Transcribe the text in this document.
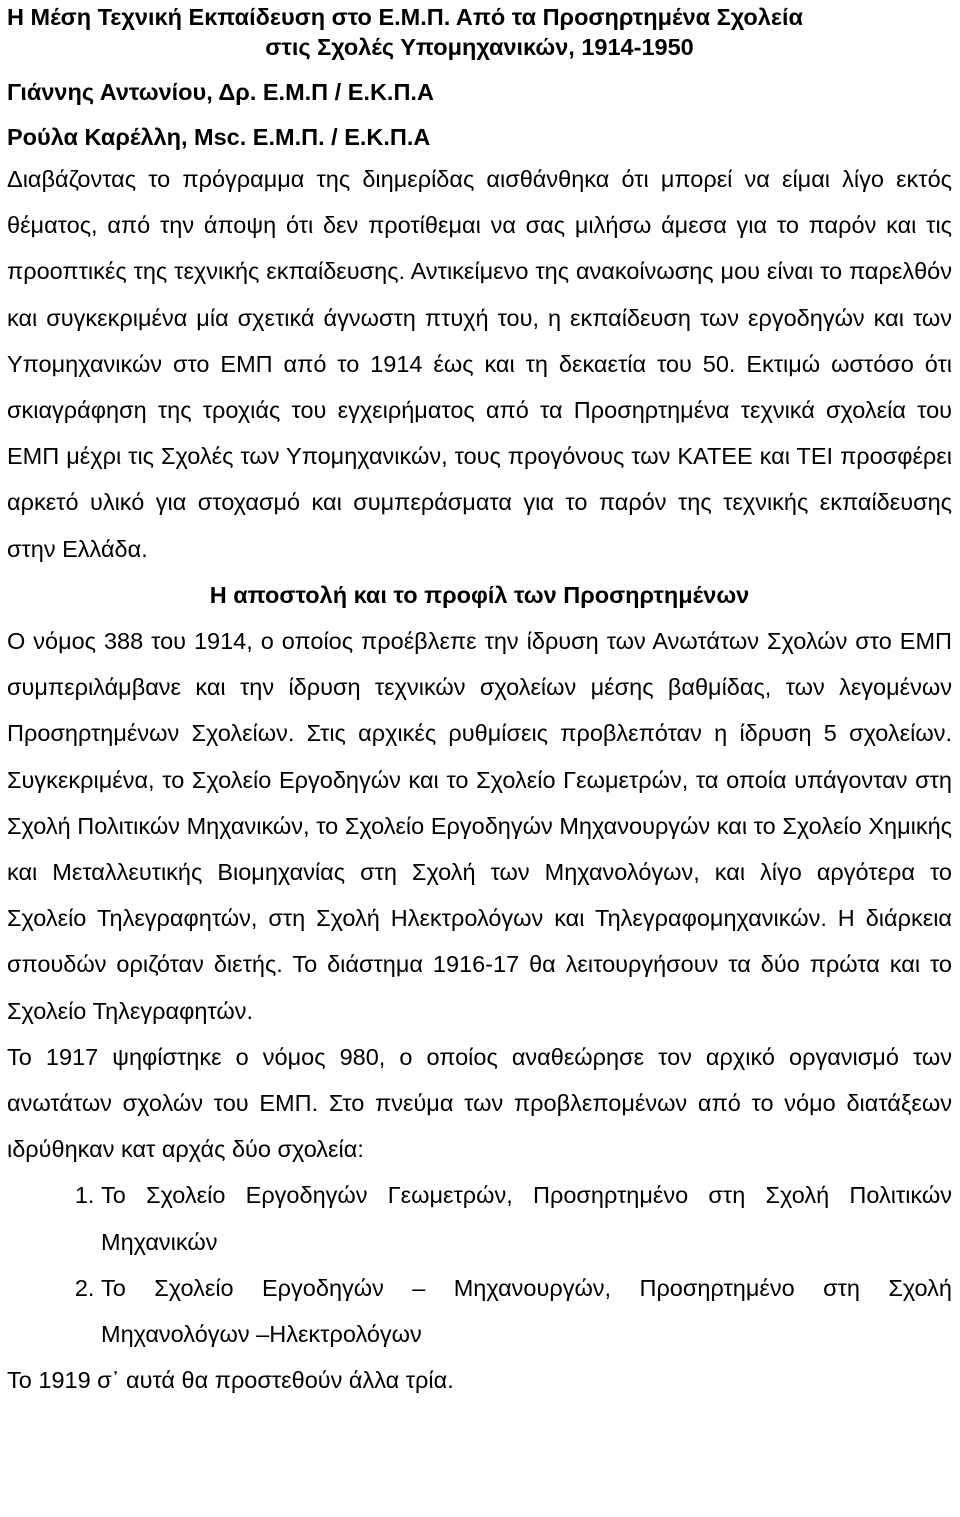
Η Μέση Τεχνική Εκπαίδευση στο Ε.Μ.Π. Από τα Προσηρτημένα Σχολεία
στις Σχολές Υπομηχανικών, 1914-1950
Γιάννης Αντωνίου, Δρ. Ε.Μ.Π / Ε.Κ.Π.Α
Ρούλα Καρέλλη, Msc. Ε.Μ.Π. / Ε.Κ.Π.Α

Διαβάζοντας το πρόγραμμα της διημερίδας αισθάνθηκα ότι μπορεί να είμαι λίγο εκτός θέματος, από την άποψη ότι δεν προτίθεμαι να σας μιλήσω άμεσα για το παρόν και τις προοπτικές της τεχνικής εκπαίδευσης. Αντικείμενο της ανακοίνωσης μου είναι το παρελθόν και συγκεκριμένα μία σχετικά άγνωστη πτυχή του, η εκπαίδευση των εργοδηγών και των Υπομηχανικών στο ΕΜΠ από το 1914 έως και τη δεκαετία του 50. Εκτιμώ ωστόσο ότι σκιαγράφηση της τροχιάς του εγχειρήματος από τα Προσηρτημένα τεχνικά σχολεία του ΕΜΠ μέχρι τις Σχολές των Υπομηχανικών, τους προγόνους των ΚΑΤΕΕ και ΤΕΙ προσφέρει αρκετό υλικό για στοχασμό και συμπεράσματα για το παρόν της τεχνικής εκπαίδευσης στην Ελλάδα.

Η αποστολή και το προφίλ των Προσηρτημένων

Ο νόμος 388 του 1914, ο οποίος προέβλεπε την ίδρυση των Ανωτάτων Σχολών στο ΕΜΠ συμπεριλάμβανε και την ίδρυση τεχνικών σχολείων μέσης βαθμίδας, των λεγομένων Προσηρτημένων Σχολείων. Στις αρχικές ρυθμίσεις προβλεπόταν η ίδρυση 5 σχολείων. Συγκεκριμένα, το Σχολείο Εργοδηγών και το Σχολείο Γεωμετρών, τα οποία υπάγονταν στη Σχολή Πολιτικών Μηχανικών, το Σχολείο Εργοδηγών Μηχανουργών και το Σχολείο Χημικής και Μεταλλευτικής Βιομηχανίας στη Σχολή των Μηχανολόγων, και λίγο αργότερα το Σχολείο Τηλεγραφητών, στη Σχολή Ηλεκτρολόγων και Τηλεγραφομηχανικών. Η διάρκεια σπουδών οριζόταν διετής. Το διάστημα 1916-17 θα λειτουργήσουν τα δύο πρώτα και το Σχολείο Τηλεγραφητών.

Το 1917 ψηφίστηκε ο νόμος 980, ο οποίος αναθεώρησε τον αρχικό οργανισμό των ανωτάτων σχολών του ΕΜΠ. Στο πνεύμα των προβλεπομένων από το νόμο διατάξεων ιδρύθηκαν κατ αρχάς δύο σχολεία:

1. Το Σχολείο Εργοδηγών Γεωμετρών, Προσηρτημένο στη Σχολή Πολιτικών Μηχανικών
2. Το Σχολείο Εργοδηγών – Μηχανουργών, Προσηρτημένο στη Σχολή Μηχανολόγων –Ηλεκτρολόγων

Το 1919 σ᾽ αυτά θα προστεθούν άλλα τρία.
